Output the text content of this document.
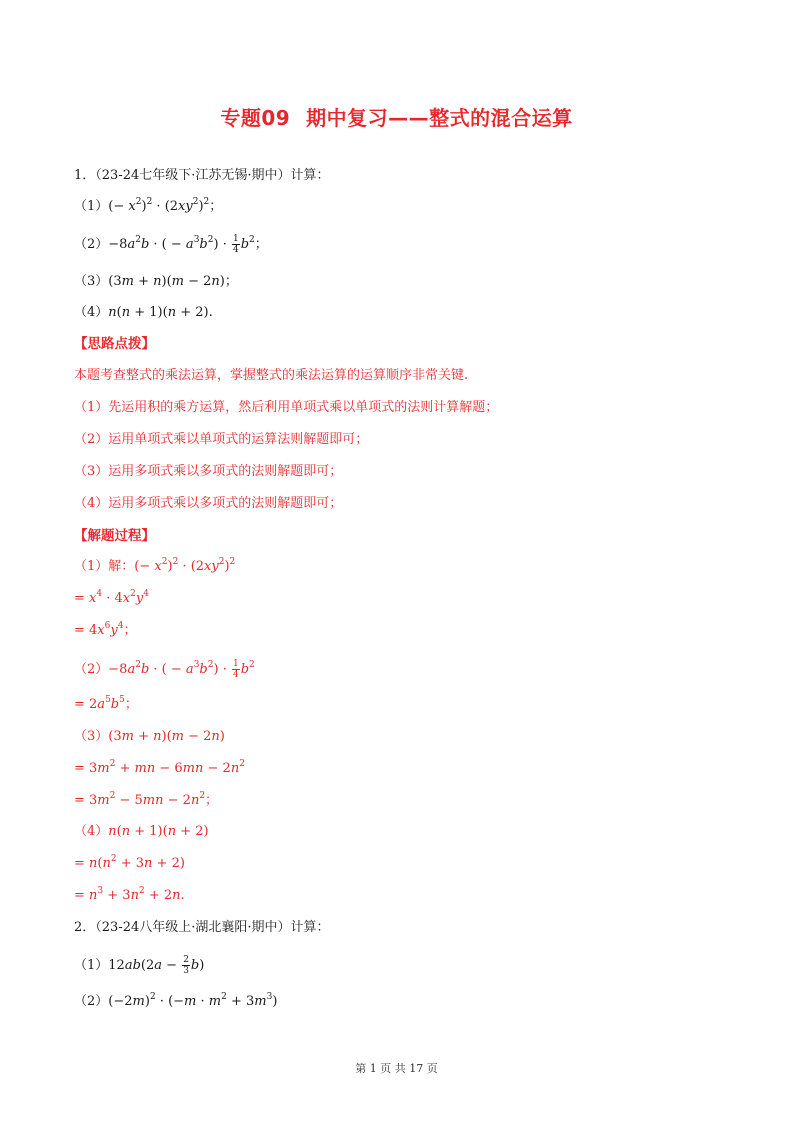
专题09 期中复习——整式的混合运算
1．（23-24七年级下·江苏无锡·期中）计算：
$(1)(- x^2)^2 \cdot (2xy^2)^2$；
$(2)-8a^2b$ · ( − $a^3b^2) \cdot \frac{1}{4} b^2$；
（3）(3m + n)(m − 2n)；
（4）n(n + 1)(n + 2).
【思路点拨】
本题考查整式的乘法运算，掌握整式的乘法运算的运算顺序非常关键.
（1）先运用积的乘方运算，然后利用单项式乘以单项式的法则计算解题；
（2）运用单项式乘以单项式的运算法则解题即可；
（3）运用多项式乘以多项式的法则解题即可；
（4）运用多项式乘以多项式的法则解题即可；
【解题过程】
（1）解：(− $x^2)^2 \cdot (2xy^2)^2$
= $x^4 \cdot 4x^2y^4$
= $4x^6y^4$；
$(2)-8a^2b$ · ( − $a^3b^2) \cdot \frac{1}{4} b^2$
= $2a^5b^5$；
（3）(3m + n)(m − 2n)
= $3m^2$ + mn − $6mn - 2n^2$
= $3m^2 - 5mn - 2n^2$；
（4）n(n + 1)(n + 2)
= $n(n^2 + 3n + 2)$
= $n^3 + 3n^2 + 2n$.
2．（23-24八年级上·湖北襄阳·期中）计算：
$(1)12ab(2a - \frac{2}{3} b)$
$(2)(-2m)^2 \cdot (-m \cdot m^2 + 3m^3)$
第 1 页 共 17 页
